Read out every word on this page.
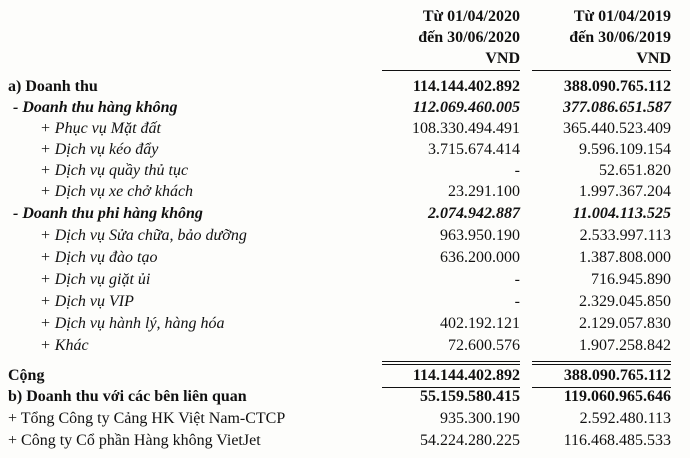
Từ 01/04/2020
đến 30/06/2020
VND
Từ 01/04/2019
đến 30/06/2019
VND
a) Doanh thu	114.144.402.892	388.090.765.112
- Doanh thu hàng không	112.069.460.005	377.086.651.587
+ Phục vụ Mặt đất	108.330.494.491	365.440.523.409
+ Dịch vụ kéo đẩy	3.715.674.414	9.596.109.154
+ Dịch vụ quầy thủ tục	-	52.651.820
+ Dịch vụ xe chở khách	23.291.100	1.997.367.204
- Doanh thu phi hàng không	2.074.942.887	11.004.113.525
+ Dịch vụ Sửa chữa, bảo dưỡng	963.950.190	2.533.997.113
+ Dịch vụ đào tạo	636.200.000	1.387.808.000
+ Dịch vụ giặt ủi	-	716.945.890
+ Dịch vụ VIP	-	2.329.045.850
+ Dịch vụ hành lý, hàng hóa	402.192.121	2.129.057.830
+ Khác	72.600.576	1.907.258.842
Cộng	114.144.402.892	388.090.765.112
b) Doanh thu với các bên liên quan	55.159.580.415	119.060.965.646
+ Tổng Công ty Cảng HK Việt Nam-CTCP	935.300.190	2.592.480.113
+ Công ty Cổ phần Hàng không VietJet	54.224.280.225	116.468.485.533
